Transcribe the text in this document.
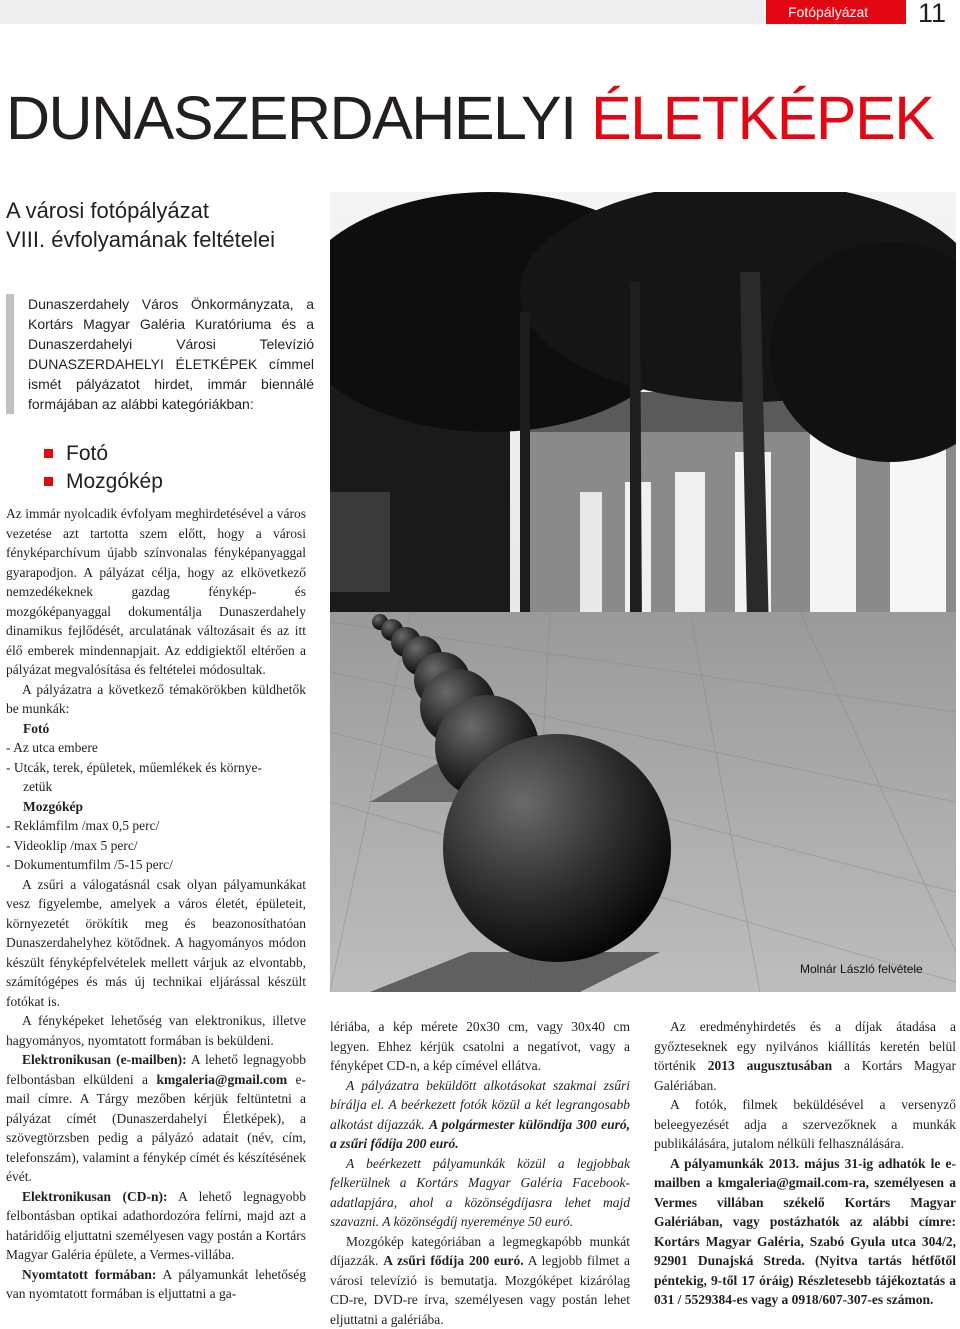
Fotópályázat	11
DUNASZERDAHELYI ÉLETKÉPEK
A városi fotópályázat
VIII. évfolyamának feltételei
Dunaszerdahely Város Önkormányzata, a Kortárs Magyar Galéria Kuratóriuma és a Dunaszerdahelyi Városi Televízió DUNASZERDAHELYI ÉLETKÉPEK címmel ismét pályázatot hirdet, immár biennálé formájában az alábbi kategóriákban:
Fotó
Mozgókép

Az immár nyolcadik évfolyam meghirdetésével a város vezetése azt tartotta szem előtt, hogy a városi fényképarchívum újabb színvonalas fényképanyaggal gyarapodjon. A pályázat célja, hogy az elkövetkező nemzedékeknek gazdag fénykép- és mozgóképanyaggal dokumentálja Dunaszerdahely dinamikus fejlődését, arculatának változásait és az itt élő emberek mindennapjait. Az eddigiektől eltérően a pályázat megvalósítása és feltételei módosultak.

A pályázatra a következő témakörökben küldhetők be munkák:

Fotó

- Az utca embere

- Utcák, terek, épületek, műemlékek és környe-

zetük

Mozgókép

- Reklámfilm /max 0,5 perc/

- Videoklip /max 5 perc/

- Dokumentumfilm /5-15 perc/

A zsűri a válogatásnál csak olyan pályamunkákat vesz figyelembe, amelyek a város életét, épületeit, környezetét örökítik meg és beazonosíthatóan Dunaszerdahelyhez kötődnek. A hagyományos módon készült fényképfelvételek mellett várjuk az elvontabb, számítógépes és más új technikai eljárással készült fotókat is.

A fényképeket lehetőség van elektronikus, illetve hagyományos, nyomtatott formában is beküldeni.

Elektronikusan (e-mailben): A lehető legnagyobb felbontásban elküldeni a kmgaleria@gmail.com e-mail címre. A Tárgy mezőben kérjük feltüntetni a pályázat címét (Dunaszerdahelyi Életképek), a szövegtörzsben pedig a pályázó adatait (név, cím, telefonszám), valamint a fénykép címét és készítésének évét.

Elektronikusan (CD-n): A lehető legnagyobb felbontásban optikai adathordozóra felírni, majd azt a határidőig eljuttatni személyesen vagy postán a Kortárs Magyar Galéria épülete, a Vermes-villába.

Nyomtatott formában: A pályamunkát lehetőség van nyomtatott formában is eljuttatni a ga-

Molnár László felvétele

lériába, a kép mérete 20x30 cm, vagy 30x40 cm legyen. Ehhez kérjük csatolni a negatívot, vagy a fényképet CD-n, a kép címével ellátva.

A pályázatra beküldött alkotásokat szakmai zsűri bírálja el. A beérkezett fotók közül a két legrangosabb alkotást díjazzák. A polgármester különdíja 300 euró, a zsűri fődíja 200 euró.

A beérkezett pályamunkák közül a legjobbak felkerülnek a Kortárs Magyar Galéria Facebook-adatlapjára, ahol a közönségdíjasra lehet majd szavazni. A közönségdíj nyereménye 50 euró.

Mozgókép kategóriában a legmegkapóbb munkát díjazzák. A zsűri fődíja 200 euró. A legjobb filmet a városi televízió is bemutatja. Mozgóképet kizárólag CD-re, DVD-re írva, személyesen vagy postán lehet eljuttatni a galériába.

Az eredményhirdetés és a díjak átadása a győzteseknek egy nyilvános kiállítás keretén belül történik 2013 augusztusában a Kortárs Magyar Galériában.

A fotók, filmek beküldésével a versenyző beleegyezését adja a szervezőknek a munkák publikálására, jutalom nélküli felhasználására.

A pályamunkák 2013. május 31-ig adhatók le e-mailben a kmgaleria@gmail.com-ra, személyesen a Vermes villában székelő Kortárs Magyar Galériában, vagy postázhatók az alábbi címre: Kortárs Magyar Galéria, Szabó Gyula utca 304/2, 92901 Dunajská Streda. (Nyitva tartás hétfőtől péntekig, 9-től 17 óráig) Részletesebb tájékoztatás a 031 / 5529384-es vagy a 0918/607-307-es számon.
